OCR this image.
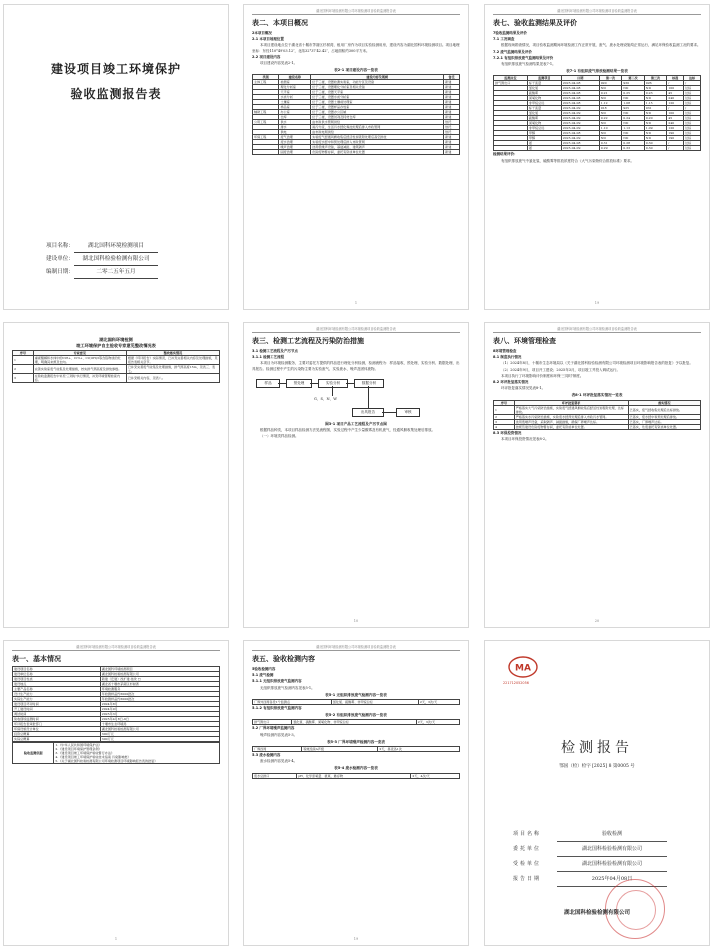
建设项目竣工环境保护
验收监测报告表
项目名称：	湖北国科环境检测项目
建设单位： 湖北国科检验检测有限公司
编制日期：	二零二五年五月
湖北国科环境检测有限公司环境检测项目验收监测报告表
表二、本项目概况
2本项目概况
2.1 本项目地理位置

本项目建设地点位于湖北省十堰市茅箭区杉树湾，租用厂房作为项目实验检测用房，建设内容为湖北国科环境检测项目。项目地理坐标：东经110°49′03.12″，北纬32°37′42.42″，占地面积约300平方米。

2.2 项目建设内容

项目建设内容见表2-1。

表2-1 项目建设内容一览表
类别	建设名称	建设内容及规模	备注
主体工程	检测室	位于三楼，设置检测实验室，功能分区及设备	新建
	理化分析室	位于三楼，设置理化分析室及相关设备	新建
	天平室	位于三楼，设置天平室	新建
	水质分析	位于三楼，设置水质分析室	新建
	土壤室	位于三楼，设置土壤前处理室	新建
	样品室	位于三楼，设置样品存放室	新建
辅助工程	办公室	位于三楼，设置办公区域	新建
	仓库	位于三楼，设置试剂及耗材仓库	新建
公用工程	供水	由市政供水管网供给	依托
	排水	雨污分流，生活污水经化粪池处理后排入市政管网	依托
	供电	由市政电网供给	依托
环保工程	废气治理	实验废气经通风橱收集后经活性炭吸附处理后高空排放	新建
	废水治理	实验废水经中和预处理后排入市政管网	新建
	噪声治理	选用低噪声设备，基础减振、建筑隔声	新建
	固废治理	危险废物暂存间，委托有资质单位处置	新建
1
湖北国科环境检测有限公司环境检测项目验收监测报告表
表七、验收监测结果及评价
7验收监测结果及评价
7.1 工况调查

根据现场勘查情况，项目验收监测期间环境检测工作正常开展，废气、废水处理设施均正常运行，满足环保验收监测工况的要求。

7.2 废气监测结果及评价
7.2.1 有组织排放废气监测结果及评价

有组织排放废气检测结果见表7-1。

表7-1 有组织废气排放检测结果一览表
监测点位	监测项目	日期	第一次	第二次	第三次	标准	达标
排气筒出口	标干流量	2025.04.08	920	930	926	/	/
	氯化氢	2025.04.08	ND	ND	ND	100	达标
	硫酸雾	2025.04.08	0.21	0.25	0.23	45	达标
	氮氧化物	2025.04.08	ND	ND	ND	240	达标
	非甲烷总烃	2025.04.08	1.12	1.08	1.15	120	达标
	标干流量	2025.04.09	918	925	931	/	/
	氯化氢	2025.04.09	ND	ND	ND	100	达标
	硫酸雾	2025.04.09	0.22	0.24	0.20	45	达标
	氮氧化物	2025.04.09	ND	ND	ND	240	达标
	非甲烷总烃	2025.04.09	1.10	1.13	1.09	120	达标
	甲醇	2025.04.08	ND	ND	ND	190	达标
	甲醇	2025.04.09	ND	ND	ND	190	达标
	氨	2025.04.08	0.31	0.28	0.30	/	达标
	氨	2025.04.09	0.29	0.33	0.30	/	达标
检测结果评价：

有组织排放废气中氯化氢、硫酸雾等排放浓度符合《大气污染物综合排放标准》要求。

19
湖北国科环境检测
竣工环境保护自主验收专家意见整改情况表
序号	专家意见	整改落实情况
1	重视醌解和水体中的Cr6+、Cr3+、Cr(OH)3等含铬物质的处理，明确其来源及去向。	根据《环评报告》实际情况，已补充完善相关内容及处理措施，见报告表相关章节。
2	完善实验室废气收集及处理措施，核实排气筒高度及排放参数。	已补充完善废气收集及处理措施，排气筒高度15m，见表三、表七。
3	在验收监测报告中补充'三同时'执行情况，补充环境管理检查内容。	已补充相关内容，见表八。
湖北国科环境检测有限公司环境检测项目验收监测报告表
表三、检测工艺流程及污染防治措施
3.1 检测工艺流程及产污节点
3.1.1 检测工艺流程

本项目为环境检测服务，主要对委托方提供的样品进行理化分析检测，检测流程为：样品接收、预处理、实验分析、数据处理、出具报告。检测过程中产生的污染物主要为实验废气、实验废水、噪声及固体废物。

样品	预处理	实验分析	数据分析
G、S、N、W
出具报告	审核
图3-1 项目产品工艺流程及产污节点图

根据样品种类，本项目样品检测方法见流程图，实验过程中产生少量酸雾及有机废气，经通风橱收集处理后排放。

（一）环境类样品检测。

10
湖北国科环境检测有限公司环境检测项目验收监测报告表
表八、环境管理检查
8环境管理检查
8.1 制度执行情况

（1）2024年8月，十堰市生态环境局以《关于湖北国科检验检测有限公司环境检测项目环境影响报告表的批复》予以批复。

（2）2024年9月，项目开工建设；2025年3月，项目竣工并投入调试运行。

本项目执行了环境影响评价制度和环保'三同时'制度。

8.2 环评批复落实情况

环评批复落实情况见表8-1。

表8-1 环评批复落实情况一览表
序号	环评批复要求	落实情况
1	严格落实大气污染防治措施，实验废气经通风橱收集后经活性炭吸附处理，达标排放。	已落实，废气经收集处理后达标排放。
2	严格落实水污染防治措施，实验废水经预处理后排入市政污水管网。	已落实，废水经中和预处理后排放。
3	选用低噪声设备，采取隔声、减振措施，确保厂界噪声达标。	已落实，厂界噪声达标。
4	按规范建设危险废物暂存间，委托有资质单位处置。	已落实，危废委托有资质单位处置。
8.3 环保投资情况

本项目环保投资情况见表8-2。

20
湖北国科环境检测有限公司环境检测项目验收监测报告表
表一、基本情况
建设项目名称	湖北国科环境检测项目
建设单位名称	湖北国科检验检测有限公司
建设项目性质	新建（迁建）改扩建 技改 □
建设地点	湖北省十堰市茅箭区杉树湾
主要产品名称	环境检测服务
设计生产能力	年检测样品约3000批次
实际生产能力	年检测样品约3000批次
建设项目环评时间	2024年8月
开工建设时间	2024年9月
调试时间	2025年3月
验收现场监测时间	2025年4月8日-9日
环评报告表审批部门	十堰市生态环境局
环保设施设计单位	湖北国科检验检测有限公司
投资总概算	300万元
实际总概算	300万元
验收监测依据	
1.《中华人民共和国环境保护法》
2.《建设项目环境保护管理条例》
3.《建设项目竣工环境保护验收暂行办法》
4.《建设项目竣工环境保护验收技术指南 污染影响类》
5.《关于湖北国科检验检测有限公司环境检测项目环境影响报告表的批复》
1
湖北国科环境检测有限公司环境检测项目验收监测报告表
表五、验收检测内容
5验收检测内容
5.1 废气检测
5.1.1 无组织排放废气监测内容

无组织排放废气检测内容见表5-1。

表5-1 无组织排放废气检测内容一览表
厂界外四周各设1个监测点	氯化氢、硫酸雾、非甲烷总烃	2天，3次/天
5.1.2 有组织排放废气监测内容
表5-2 有组织排放废气检测内容一览表
排气筒出口	氯化氢、硫酸雾、氮氧化物、非甲烷总烃	2天，3次/天
5.2 厂界环境噪声监测内容

噪声检测内容见表5-3。

表5-3 厂界环境噪声检测内容一览表
厂界四周	等效连续A声级	2天，昼夜各1次
5.3 废水检测内容

废水检测内容见表5-4。

表5-4 废水检测内容一览表
废水总排口	pH、化学需氧量、氨氮、悬浮物	2天，4次/天
19
MA
221712052056
检测报告
鄂国（检）检字 [2025] 8 第0005 号
项目名称	验收检测
委托单位	湖北国科检验检测有限公司
受检单位	湖北国科检验检测有限公司
报告日期	2025年04月08日
湖北国科检验检测有限公司
